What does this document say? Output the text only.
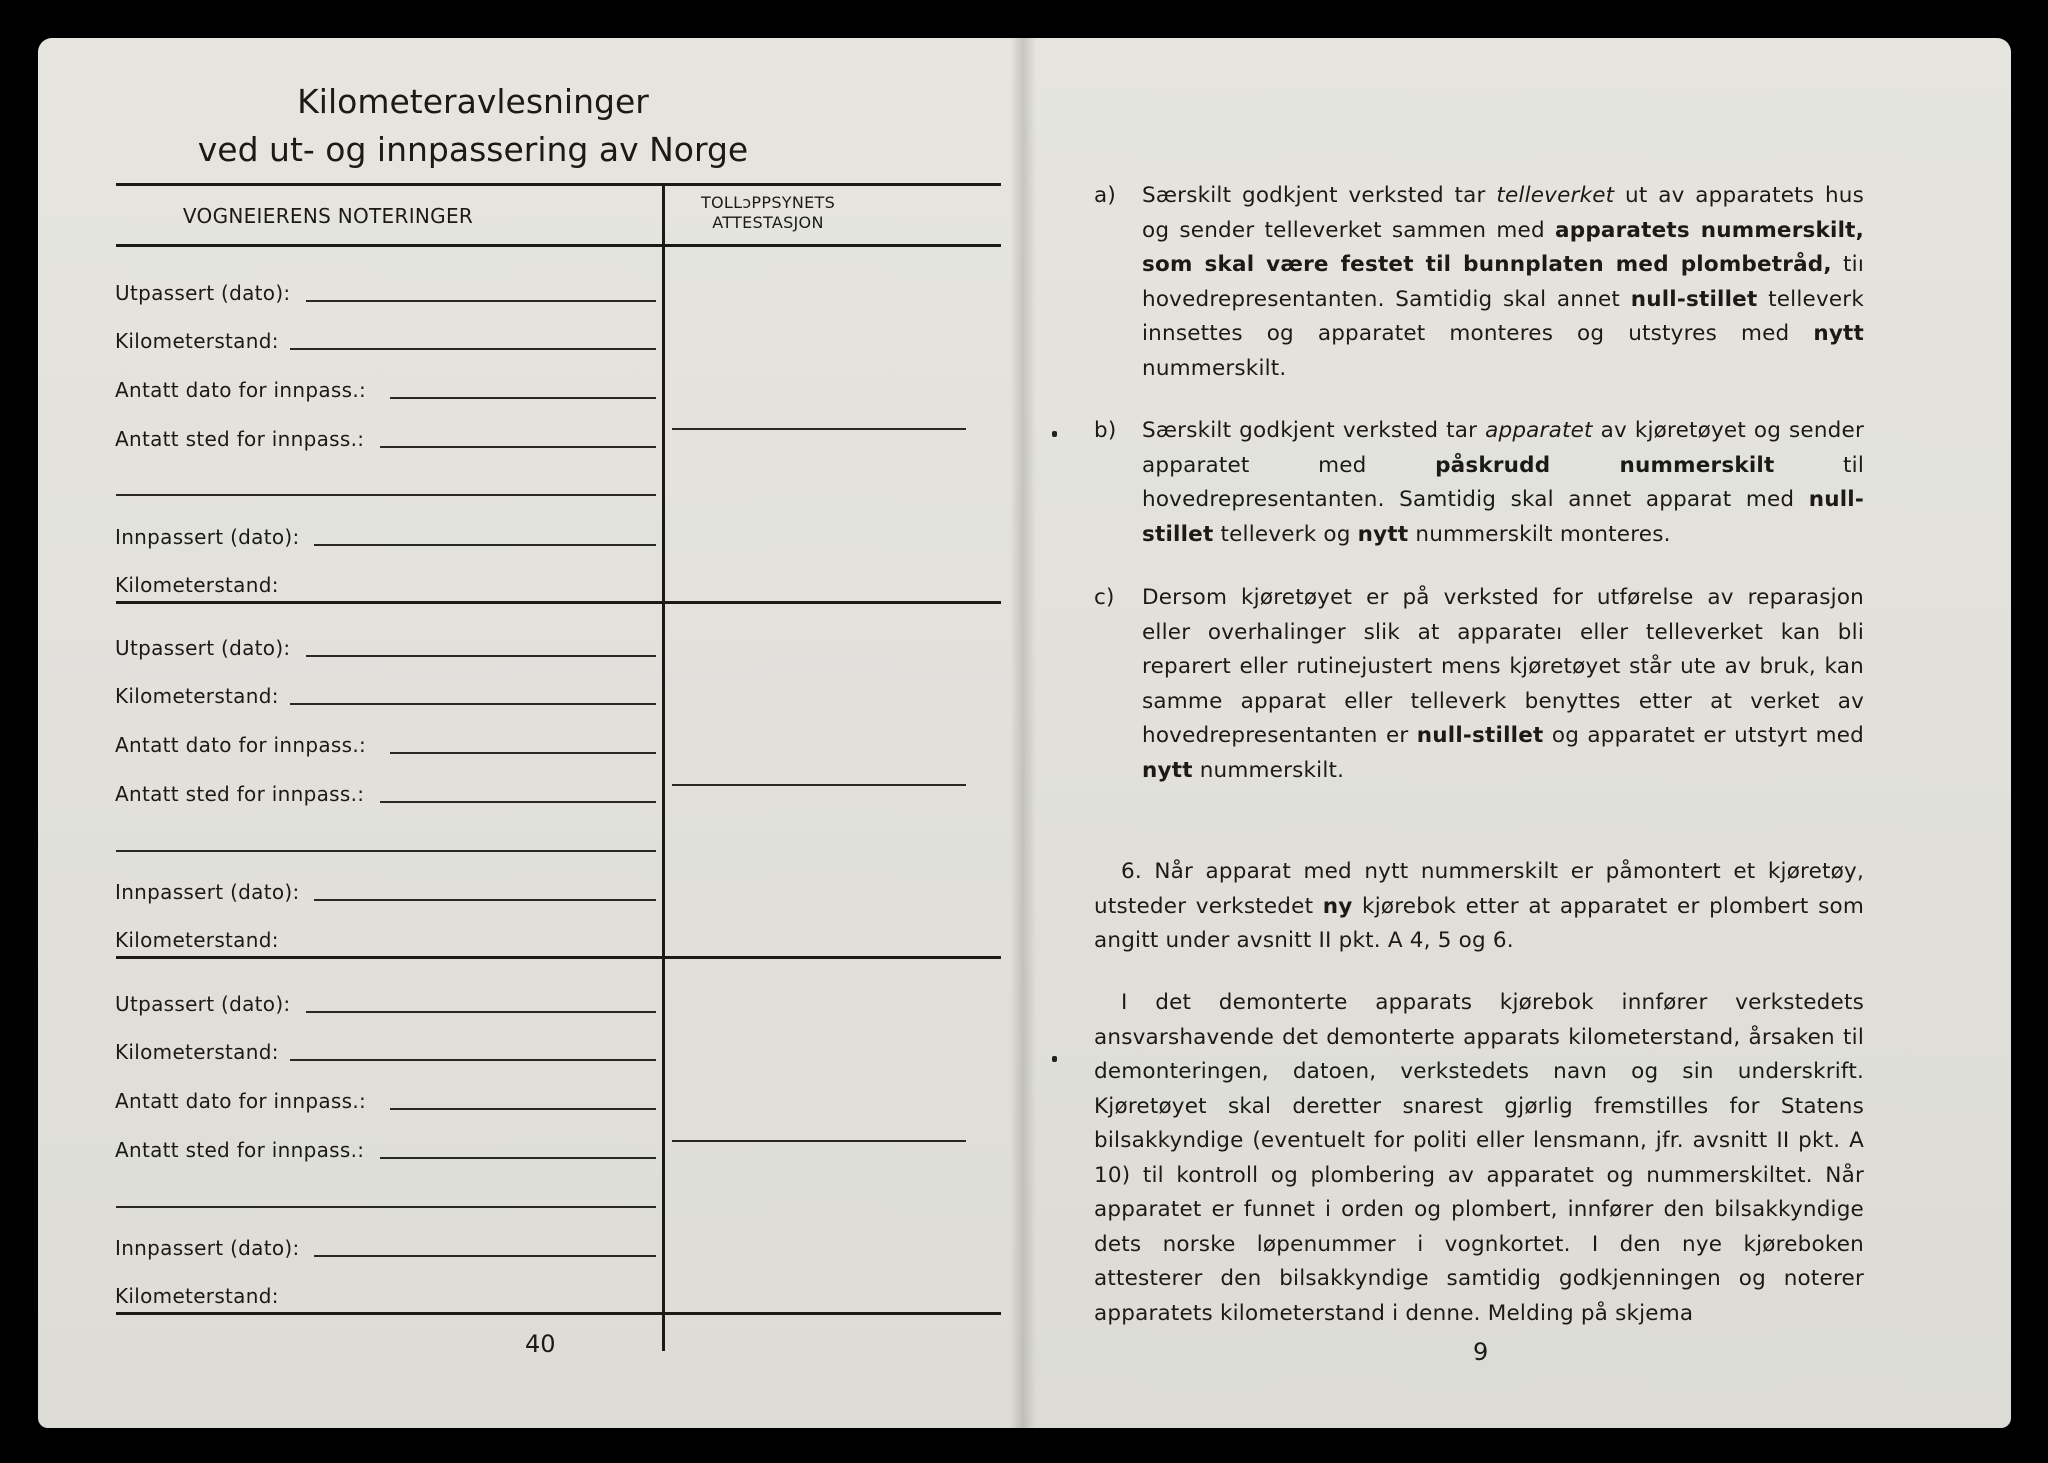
Kilometeravlesninger
ved ut- og innpassering av Norge
VOGNEIERENS NOTERINGER
TOLLɔPPSYNETS
ATTESTASJON
Utpassert (dato):
Kilometerstand:
Antatt dato for innpass.:
Antatt sted for innpass.:
Innpassert (dato):
Kilometerstand:
Utpassert (dato):
Kilometerstand:
Antatt dato for innpass.:
Antatt sted for innpass.:
Innpassert (dato):
Kilometerstand:
Utpassert (dato):
Kilometerstand:
Antatt dato for innpass.:
Antatt sted for innpass.:
Innpassert (dato):
Kilometerstand:
40
a) Særskilt godkjent verksted tar telleverket ut av apparatets hus og sender telleverket sammen med apparatets nummerskilt, som skal være festet til bunnplaten med plombetråd, tiı hovedrepresentanten. Samtidig skal annet null-stillet telleverk innsettes og apparatet monteres og utstyres med nytt nummerskilt.

b) Særskilt godkjent verksted tar apparatet av kjøretøyet og sender apparatet med påskrudd nummerskilt til hovedrepresentanten. Samtidig skal annet apparat med null-stillet telleverk og nytt nummerskilt monteres.

c) Dersom kjøretøyet er på verksted for utførelse av reparasjon eller overhalinger slik at apparateı eller telleverket kan bli reparert eller rutinejustert mens kjøretøyet står ute av bruk, kan samme apparat eller telleverk benyttes etter at verket av hovedrepresentanten er null-stillet og apparatet er utstyrt med nytt nummerskilt.

6. Når apparat med nytt nummerskilt er påmontert et kjøretøy, utsteder verkstedet ny kjørebok etter at apparatet er plombert som angitt under avsnitt II pkt. A 4, 5 og 6.

I det demonterte apparats kjørebok innfører verkstedets ansvarshavende det demonterte apparats kilometerstand, årsaken til demonteringen, datoen, verkstedets navn og sin underskrift. Kjøretøyet skal deretter snarest gjørlig fremstilles for Statens bilsakkyndige (eventuelt for politi eller lensmann, jfr. avsnitt II pkt. A 10) til kontroll og plombering av apparatet og nummerskiltet. Når apparatet er funnet i orden og plombert, innfører den bilsakkyndige dets norske løpenummer i vognkortet. I den nye kjøreboken attesterer den bilsakkyndige samtidig godkjenningen og noterer apparatets kilometerstand i denne. Melding på skjema

9
